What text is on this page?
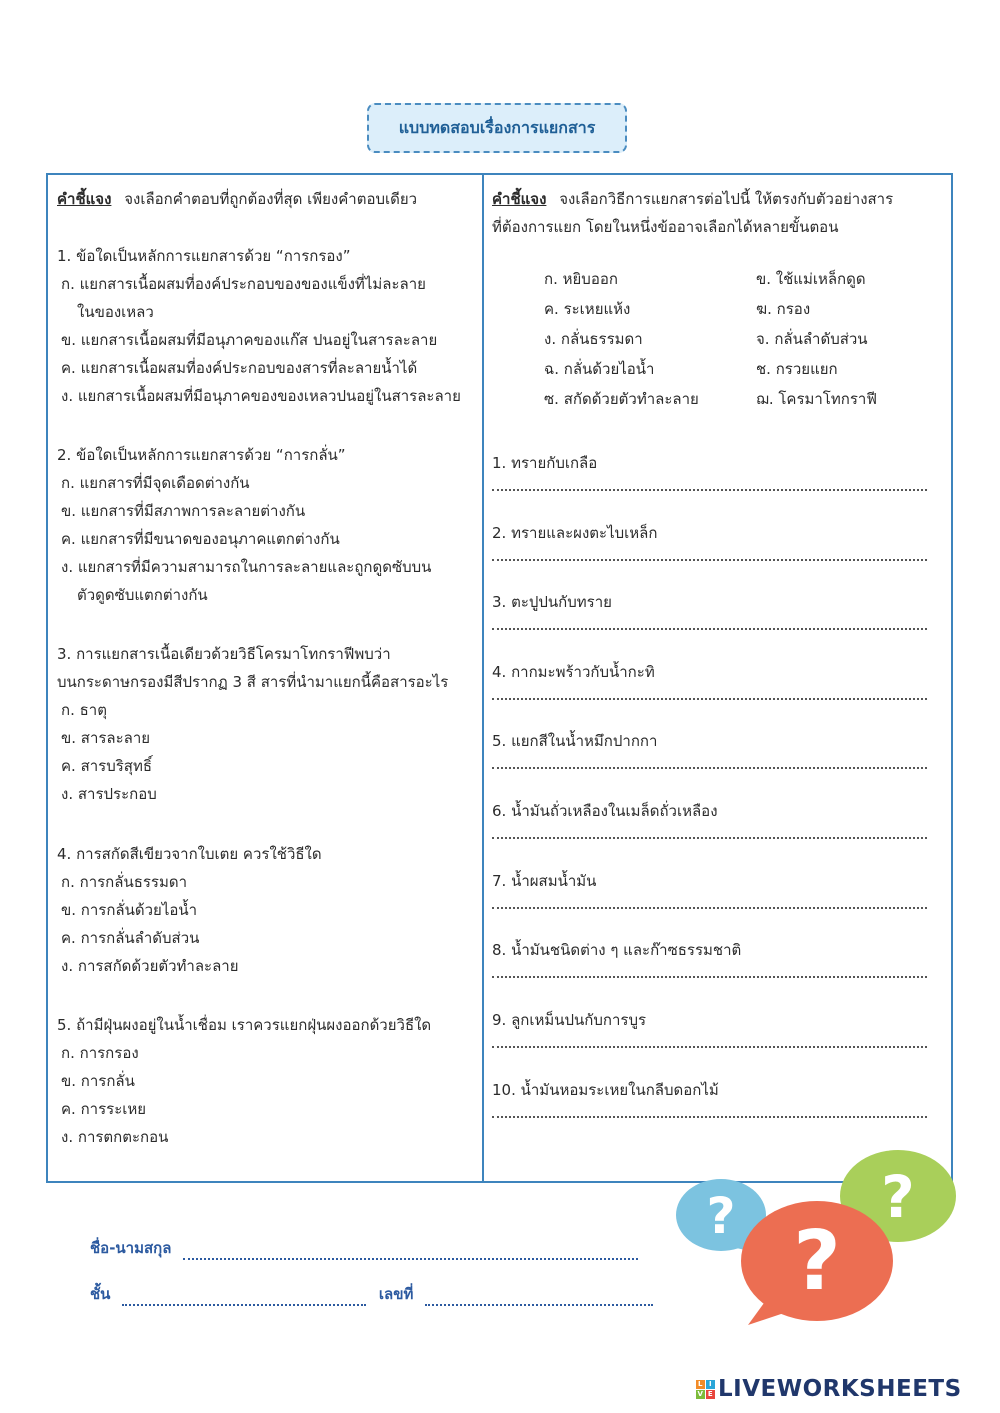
แบบทดสอบเรื่องการแยกสาร
คำชี้แจง จงเลือกคำตอบที่ถูกต้องที่สุด เพียงคำตอบเดียว
1. ข้อใดเป็นหลักการแยกสารด้วย “การกรอง”
ก. แยกสารเนื้อผสมที่องค์ประกอบของของแข็งที่ไม่ละลาย
ในของเหลว
ข. แยกสารเนื้อผสมที่มีอนุภาคของแก๊ส ปนอยู่ในสารละลาย
ค. แยกสารเนื้อผสมที่องค์ประกอบของสารที่ละลายน้ำได้
ง. แยกสารเนื้อผสมที่มีอนุภาคของของเหลวปนอยู่ในสารละลาย
2. ข้อใดเป็นหลักการแยกสารด้วย “การกลั่น”
ก. แยกสารที่มีจุดเดือดต่างกัน
ข. แยกสารที่มีสภาพการละลายต่างกัน
ค. แยกสารที่มีขนาดของอนุภาคแตกต่างกัน
ง. แยกสารที่มีความสามารถในการละลายและถูกดูดซับบน
ตัวดูดซับแตกต่างกัน
3. การแยกสารเนื้อเดียวด้วยวิธีโครมาโทกราฟีพบว่า
บนกระดาษกรองมีสีปรากฏ 3 สี สารที่นำมาแยกนี้คือสารอะไร
ก. ธาตุ
ข. สารละลาย
ค. สารบริสุทธิ์
ง. สารประกอบ
4. การสกัดสีเขียวจากใบเตย ควรใช้วิธีใด
ก. การกลั่นธรรมดา
ข. การกลั่นด้วยไอน้ำ
ค. การกลั่นลำดับส่วน
ง. การสกัดด้วยตัวทำละลาย
5. ถ้ามีฝุ่นผงอยู่ในน้ำเชื่อม เราควรแยกฝุ่นผงออกด้วยวิธีใด
ก. การกรอง
ข. การกลั่น
ค. การระเหย
ง. การตกตะกอน
คำชี้แจง จงเลือกวิธีการแยกสารต่อไปนี้ ให้ตรงกับตัวอย่างสาร
ที่ต้องการแยก โดยในหนึ่งข้ออาจเลือกได้หลายขั้นตอน
ก. หยิบออก	ข. ใช้แม่เหล็กดูด
ค. ระเหยแห้ง	ฆ. กรอง
ง. กลั่นธรรมดา	จ. กลั่นลำดับส่วน
ฉ. กลั่นด้วยไอน้ำ	ช. กรวยแยก
ซ. สกัดด้วยตัวทำละลาย	ฌ. โครมาโทกราฟี
1. ทรายกับเกลือ
2. ทรายและผงตะไบเหล็ก
3. ตะปูปนกับทราย
4. กากมะพร้าวกับน้ำกะทิ
5. แยกสีในน้ำหมึกปากกา
6. น้ำมันถั่วเหลืองในเมล็ดถั่วเหลือง
7. น้ำผสมน้ำมัน
8. น้ำมันชนิดต่าง ๆ และก๊าซธรรมชาติ
9. ลูกเหม็นปนกับการบูร
10. น้ำมันหอมระเหยในกลีบดอกไม้
ชื่อ-นามสกุล
ชั้น	เลขที่
?	?
?
L I
V E LIVEWORKSHEETS
